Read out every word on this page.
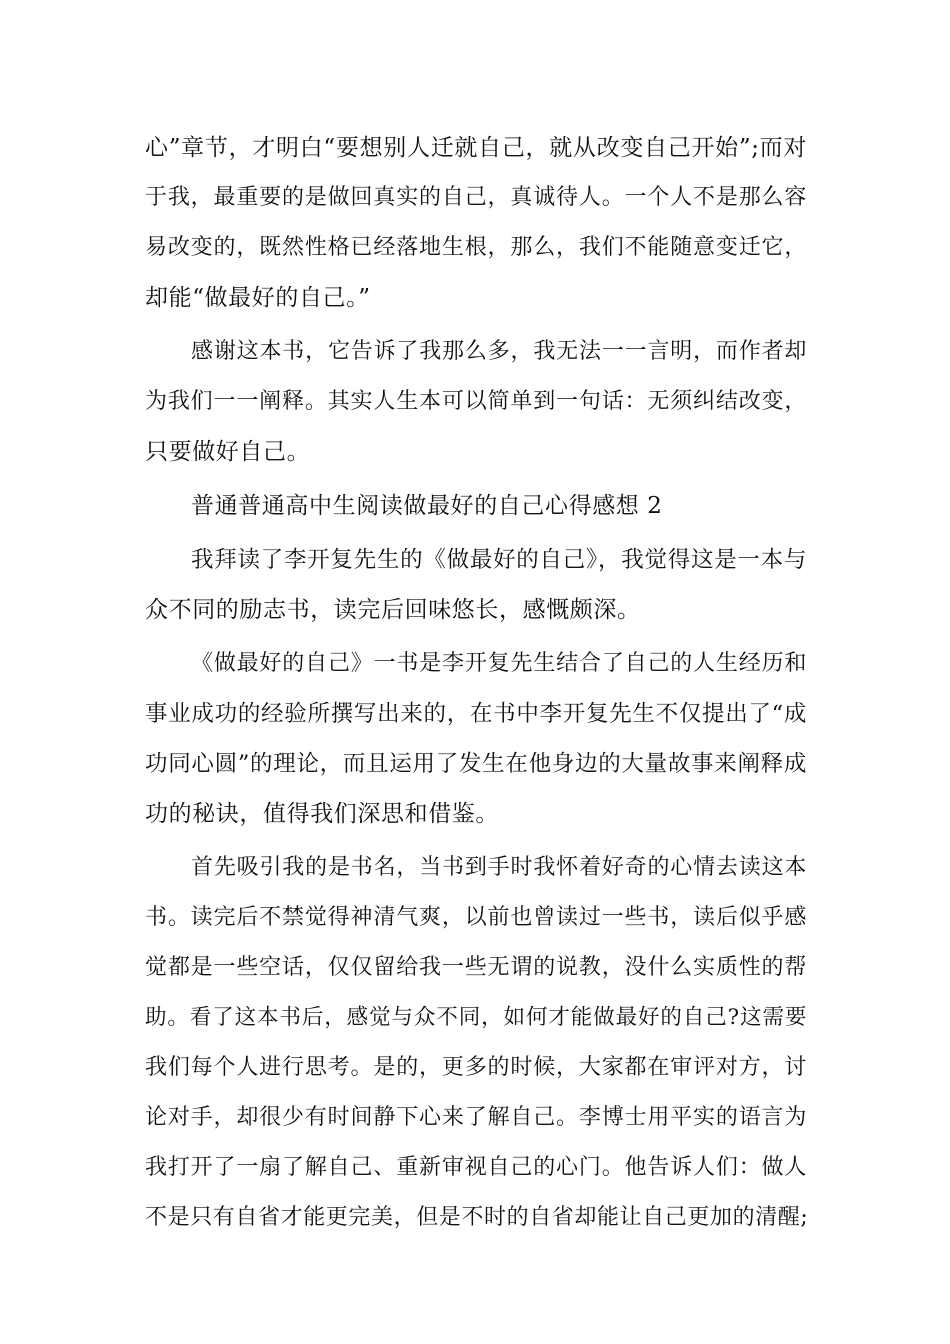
心”章节，才明白“要想别人迁就自己，就从改变自己开始”;而对
于我，最重要的是做回真实的自己，真诚待人。一个人不是那么容
易改变的，既然性格已经落地生根，那么，我们不能随意变迁它，
却能“做最好的自己。”
感谢这本书，它告诉了我那么多，我无法一一言明，而作者却
为我们一一阐释。其实人生本可以简单到一句话：无须纠结改变，
只要做好自己。
普通普通高中生阅读做最好的自己心得感想 2
我拜读了李开复先生的《做最好的自己》，我觉得这是一本与
众不同的励志书，读完后回味悠长，感慨颇深。
《做最好的自己》一书是李开复先生结合了自己的人生经历和
事业成功的经验所撰写出来的，在书中李开复先生不仅提出了“成
功同心圆”的理论，而且运用了发生在他身边的大量故事来阐释成
功的秘诀，值得我们深思和借鉴。
首先吸引我的是书名，当书到手时我怀着好奇的心情去读这本
书。读完后不禁觉得神清气爽，以前也曾读过一些书，读后似乎感
觉都是一些空话，仅仅留给我一些无谓的说教，没什么实质性的帮
助。看了这本书后，感觉与众不同，如何才能做最好的自己?这需要
我们每个人进行思考。是的，更多的时候，大家都在审评对方，讨
论对手，却很少有时间静下心来了解自己。李博士用平实的语言为
我打开了一扇了解自己、重新审视自己的心门。他告诉人们：做人
不是只有自省才能更完美，但是不时的自省却能让自己更加的清醒;
